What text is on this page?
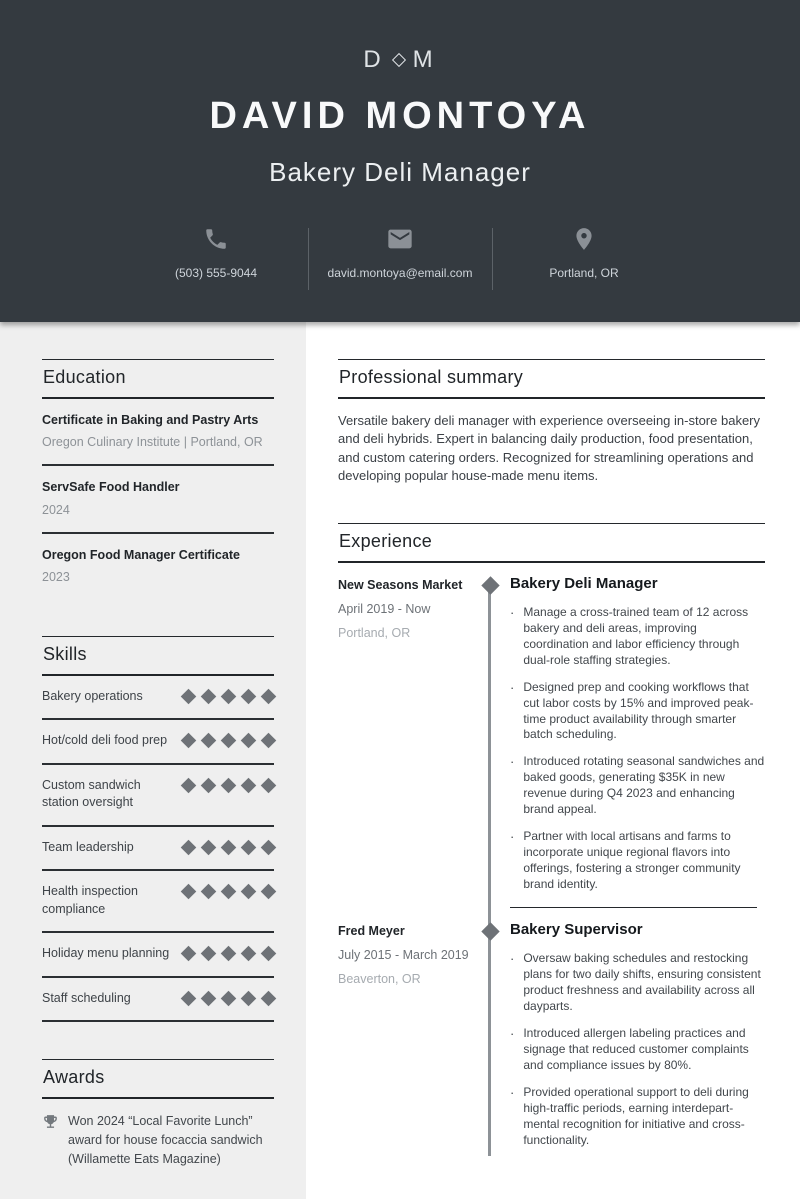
D M
DAVID MONTOYA
Bakery Deli Manager
(503) 555-9044	david.montoya@email.com	Portland, OR
Education
Certificate in Baking and Pastry Arts
Oregon Culinary Institute | Portland, OR
ServSafe Food Handler
2024
Oregon Food Manager Certificate
2023
Skills
Bakery operations
Hot/cold deli food prep
Custom sandwich station oversight
Team leadership
Health inspection compliance
Holiday menu planning
Staff scheduling
Awards
Won 2024 “Local Favorite Lunch” award for house focaccia sandwich (Willamette Eats Magazine)
Professional summary
Versatile bakery deli manager with experience overseeing in-store bakery and deli hybrids. Expert in balancing daily production, food presentation, and custom catering orders. Recognized for streamlining operations and developing popular house-made menu items.
Experience
New Seasons Market
April 2019 - Now
Portland, OR
Bakery Deli Manager
· Manage a cross-trained team of 12 across bakery and deli areas, improving coordination and labor efficiency through dual-role staffing strategies.
· Designed prep and cooking workflows that cut labor costs by 15% and improved peak-time product availability through smarter batch scheduling.
· Introduced rotating seasonal sandwiches and baked goods, generating $35K in new revenue during Q4 2023 and enhancing brand appeal.
· Partner with local artisans and farms to incorporate unique regional flavors into offerings, fostering a stronger community brand identity.
Fred Meyer
July 2015 - March 2019
Beaverton, OR
Bakery Supervisor
· Oversaw baking schedules and restocking plans for two daily shifts, ensuring consistent product freshness and availability across all dayparts.
· Introduced allergen labeling practices and signage that reduced customer complaints and compliance issues by 80%.
· Provided operational support to deli during high-traffic periods, earning interdepart-mental recognition for initiative and cross-functionality.
